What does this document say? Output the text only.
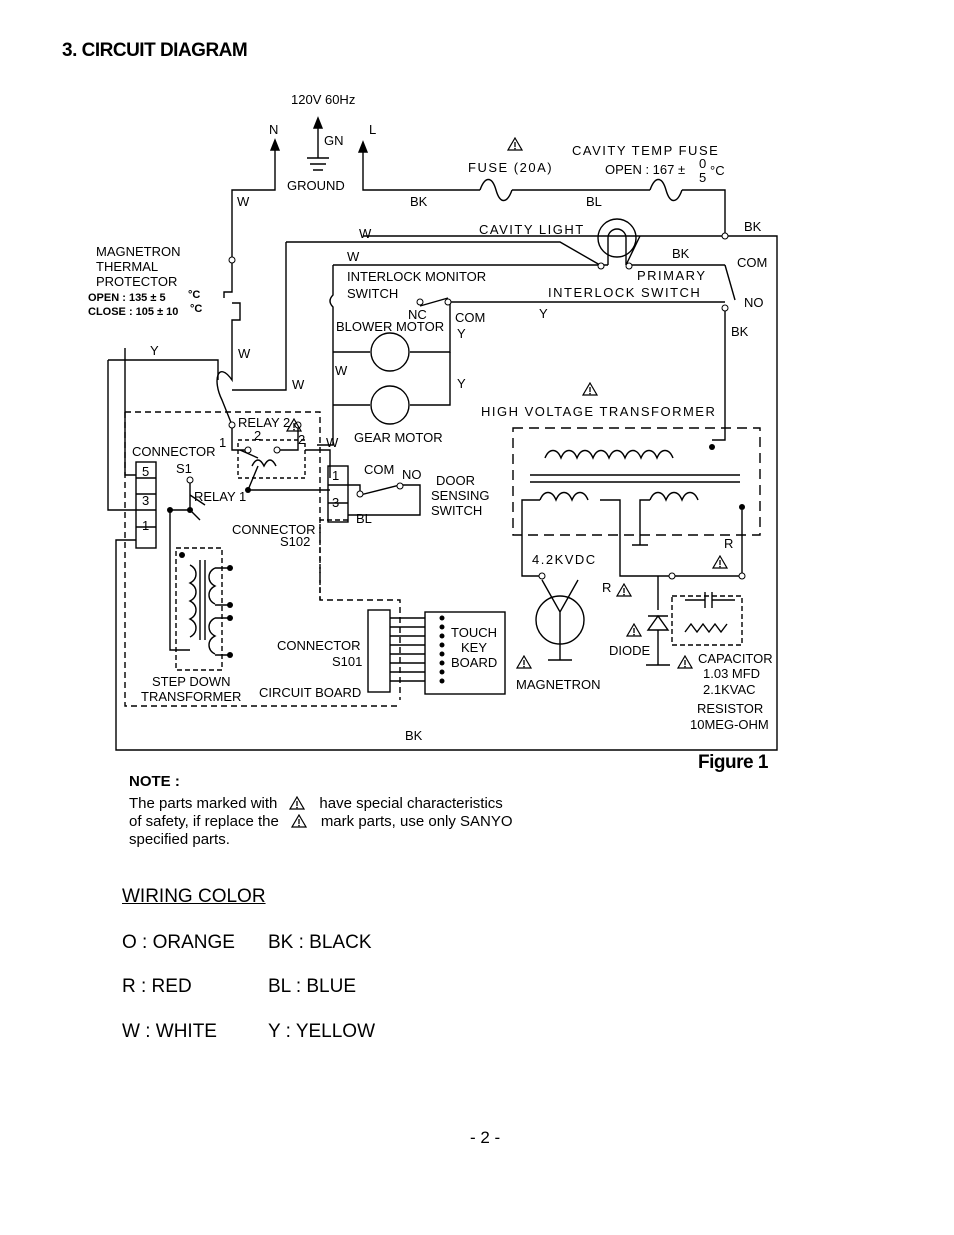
3. CIRCUIT DIAGRAM
120V 60Hz
N
GN
L
GROUND
FUSE (20A)
CAVITY TEMP FUSE
OPEN : 167 ± 0
5 °C
W	BK	BL
W	CAVITY LIGHT	BK
BK
COM
PRIMARY
INTERLOCK SWITCH
NO
BK
MAGNETRON
THERMAL
PROTECTOR
OPEN : 135 ± 5
CLOSE : 105 ± 10
°C
°C
W
INTERLOCK MONITOR
SWITCH
NC COM
Y
Y
BLOWER MOTOR
W
Y
GEAR MOTOR
HIGH VOLTAGE TRANSFORMER
Y	W
W
W
RELAY 2
2
1	2
CONNECTOR
S1
5
3
1
RELAY 1
1
3
BL
COM NO DOOR
SENSING
SWITCH
CONNECTOR
S102
4.2KVDC
R
R
DIODE
CAPACITOR
1.03 MFD
2.1KVAC
RESISTOR
10MEG-OHM
MAGNETRON
CONNECTOR
S101
TOUCH
KEY
BOARD
CIRCUIT BOARD
STEP DOWN
TRANSFORMER
BK
Figure 1
NOTE :
The parts marked with	have special characteristics
of safety, if replace the	mark parts, use only SANYO
specified parts.
WIRING COLOR
O : ORANGE BK : BLACK
R : RED	BL : BLUE
W : WHITE	Y : YELLOW
- 2 -
